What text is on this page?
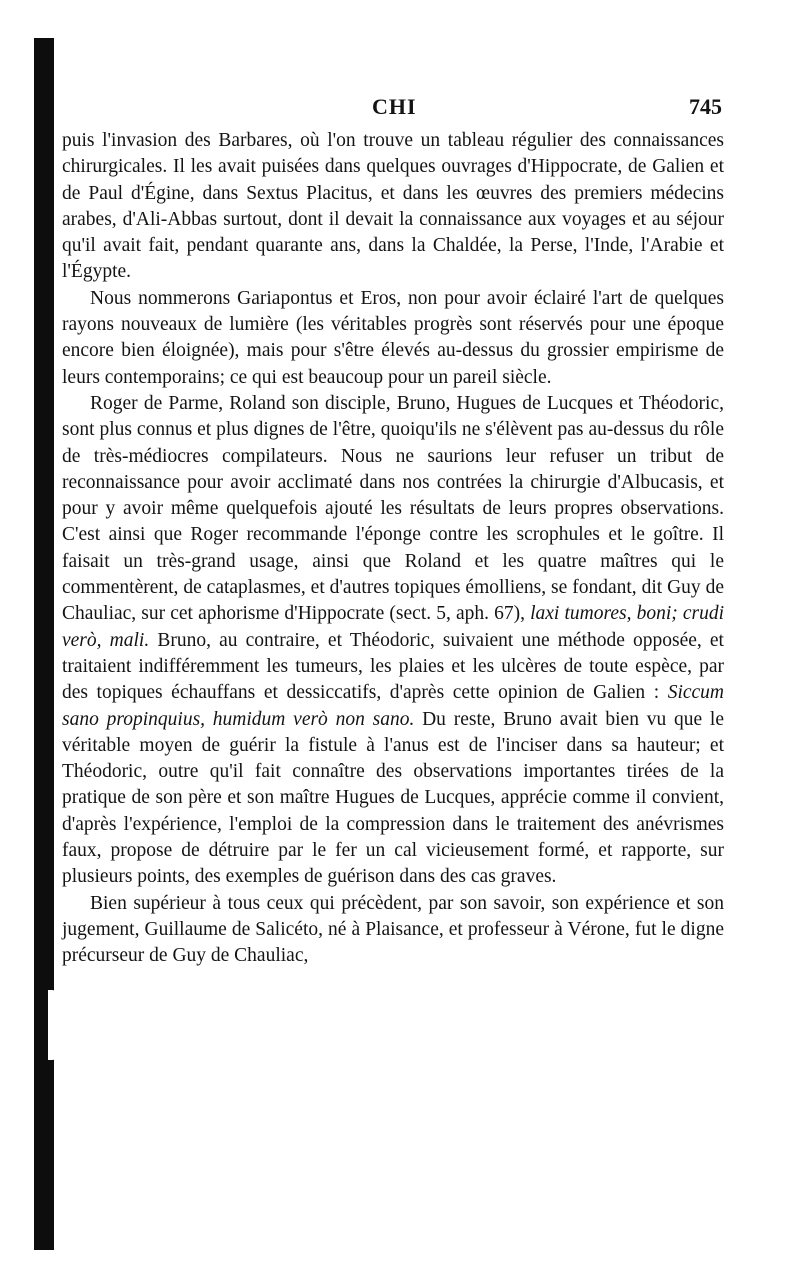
CHI	745

puis l'invasion des Barbares, où l'on trouve un tableau régulier des connaissances chirurgicales. Il les avait puisées dans quelques ouvrages d'Hippocrate, de Galien et de Paul d'Égine, dans Sextus Placitus, et dans les œuvres des premiers médecins arabes, d'Ali-Abbas surtout, dont il devait la connaissance aux voyages et au séjour qu'il avait fait, pendant quarante ans, dans la Chaldée, la Perse, l'Inde, l'Arabie et l'Égypte.

Nous nommerons Gariapontus et Eros, non pour avoir éclairé l'art de quelques rayons nouveaux de lumière (les véritables progrès sont réservés pour une époque encore bien éloignée), mais pour s'être élevés au-dessus du grossier empirisme de leurs contemporains; ce qui est beaucoup pour un pareil siècle.

Roger de Parme, Roland son disciple, Bruno, Hugues de Lucques et Théodoric, sont plus connus et plus dignes de l'être, quoiqu'ils ne s'élèvent pas au-dessus du rôle de très-médiocres compilateurs. Nous ne saurions leur refuser un tribut de reconnaissance pour avoir acclimaté dans nos contrées la chirurgie d'Albucasis, et pour y avoir même quelquefois ajouté les résultats de leurs propres observations. C'est ainsi que Roger recommande l'éponge contre les scrophules et le goître. Il faisait un très-grand usage, ainsi que Roland et les quatre maîtres qui le commentèrent, de cataplasmes, et d'autres topiques émolliens, se fondant, dit Guy de Chauliac, sur cet aphorisme d'Hippocrate (sect. 5, aph. 67), laxi tumores, boni; crudi verò, mali. Bruno, au contraire, et Théodoric, suivaient une méthode opposée, et traitaient indifféremment les tumeurs, les plaies et les ulcères de toute espèce, par des topiques échauffans et dessiccatifs, d'après cette opinion de Galien : Siccum sano propinquius, humidum verò non sano. Du reste, Bruno avait bien vu que le véritable moyen de guérir la fistule à l'anus est de l'inciser dans sa hauteur; et Théodoric, outre qu'il fait connaître des observations importantes tirées de la pratique de son père et son maître Hugues de Lucques, apprécie comme il convient, d'après l'expérience, l'emploi de la compression dans le traitement des anévrismes faux, propose de détruire par le fer un cal vicieusement formé, et rapporte, sur plusieurs points, des exemples de guérison dans des cas graves.

Bien supérieur à tous ceux qui précèdent, par son savoir, son expérience et son jugement, Guillaume de Salicéto, né à Plaisance, et professeur à Vérone, fut le digne précurseur de Guy de Chauliac,
